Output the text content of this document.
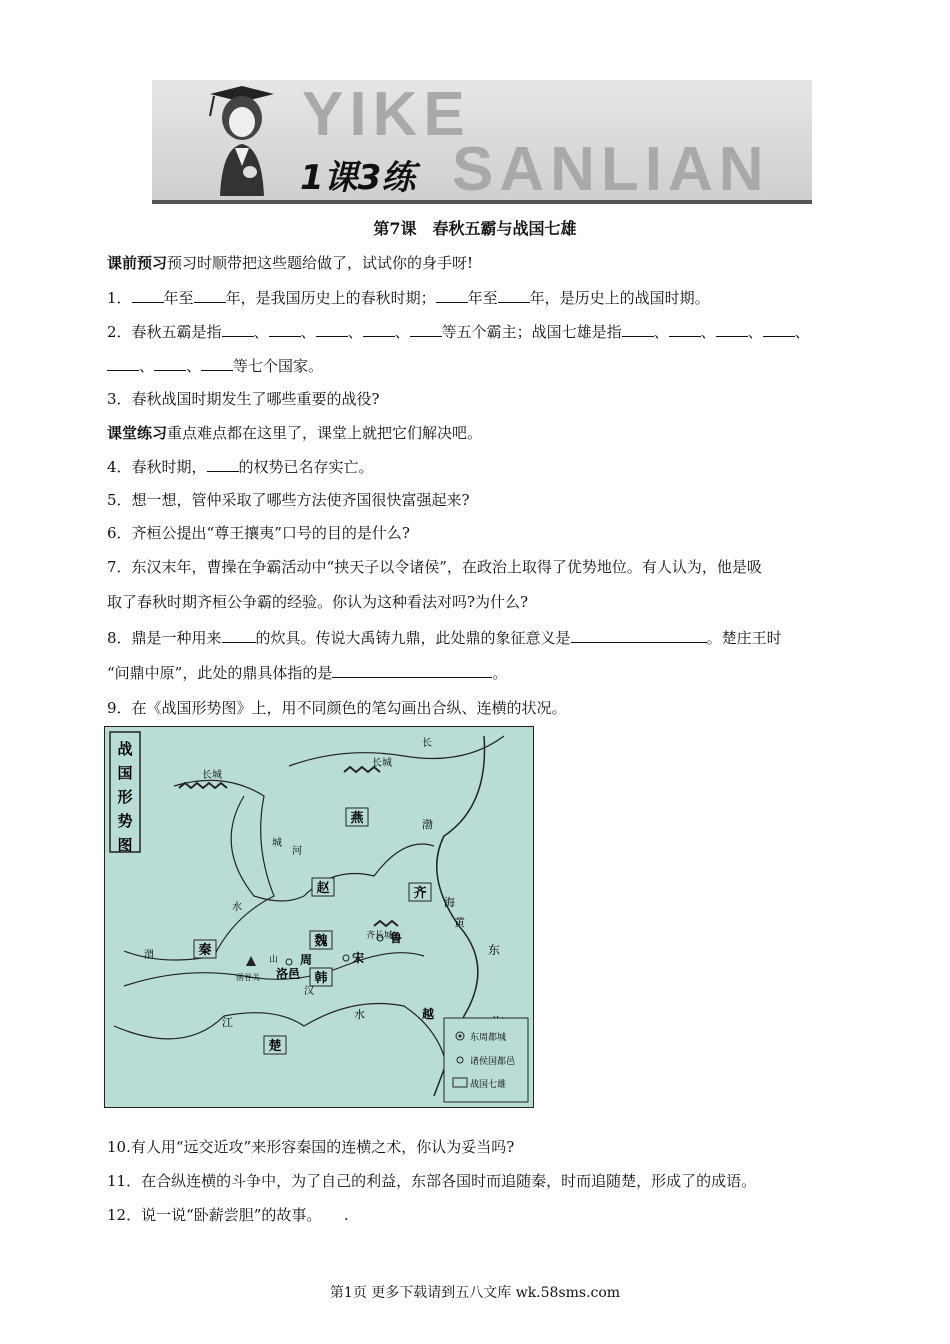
YIKE
SANLIAN
1课3练
第7课　春秋五霸与战国七雄
课前预习预习时顺带把这些题给做了，试试你的身手呀!
1． 年至 年，是我国历史上的春秋时期； 年至 年，是历史上的战国时期。
2．春秋五霸是指 、 、 、 、 等五个霸主；战国七雄是指 、 、 、 、
、 、 等七个国家。
3．春秋战国时期发生了哪些重要的战役?
课堂练习重点难点都在这里了，课堂上就把它们解决吧。
4．春秋时期， 的权势已名存实亡。
5．想一想，管仲采取了哪些方法使齐国很快富强起来?
6．齐桓公提出“尊王攘夷”口号的目的是什么?
7．东汉末年，曹操在争霸活动中“挟天子以令诸侯”，在政治上取得了优势地位。有人认为，他是吸
取了春秋时期齐桓公争霸的经验。你认为这种看法对吗?为什么?
8．鼎是一种用来 的炊具。传说大禹铸九鼎，此处鼎的象征意义是	。楚庄王时
“问鼎中原”，此处的鼎具体指的是	。
9．在《战国形势图》上，用不同颜色的笔勾画出合纵、连横的状况。
战
国
形
势
图
燕
赵	齐
魏
秦
韩
楚
周
洛邑
宋
鲁
越
函谷关
长城
长城
长
城
河
齐长城
渤
海
黄
东
江
水
汉
水
渭	山
东周都城
诸侯国都邑
战国七雄
10.有人用“远交近攻”来形容秦国的连横之术，你认为妥当吗?
11．在合纵连横的斗争中，为了自己的利益，东部各国时而追随秦，时而追随楚，形成了的成语。
12．说一说“卧薪尝胆”的故事。　　.
第1页 更多下载请到五八文库 wk.58sms.com
